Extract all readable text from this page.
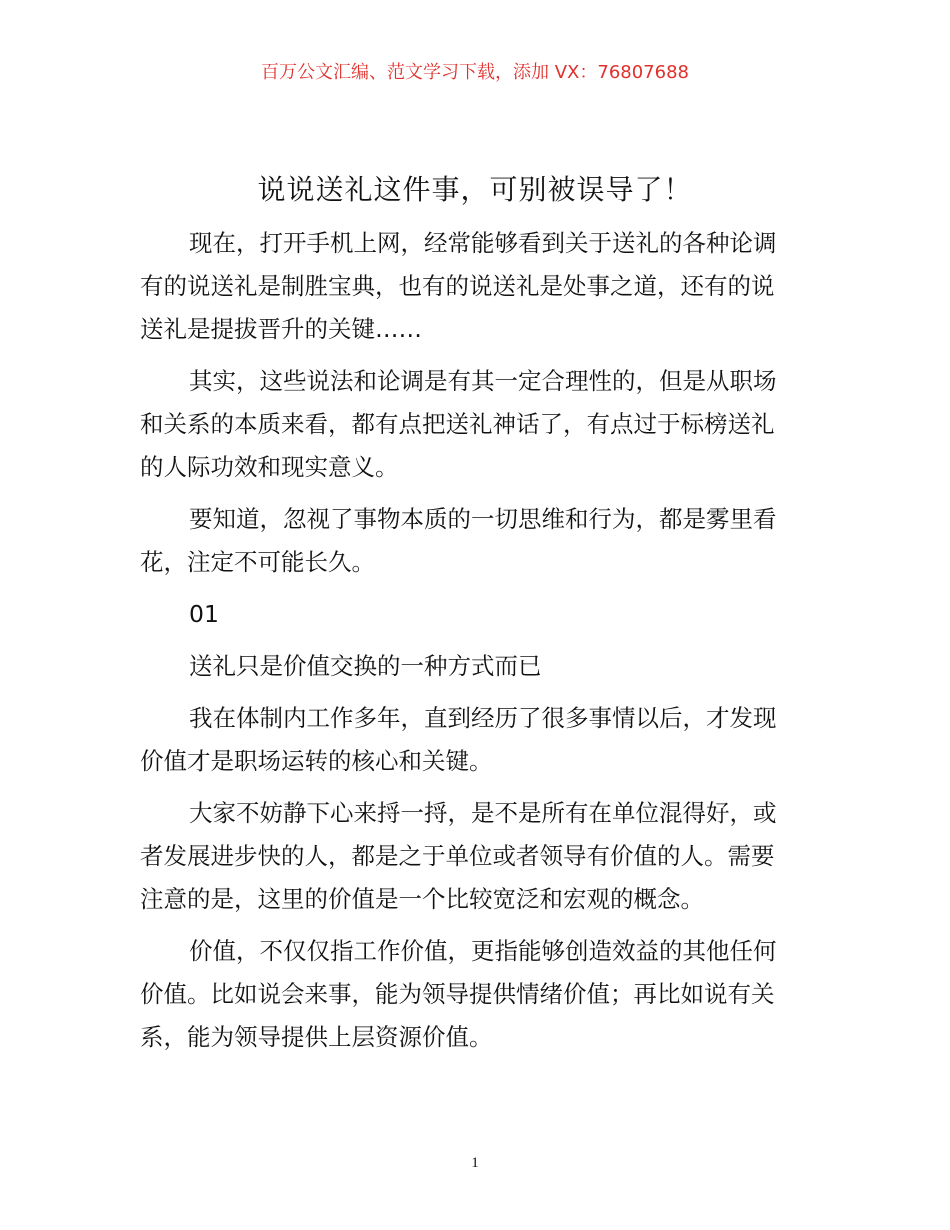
百万公文汇编、范文学习下载，添加 VX：76807688
说说送礼这件事，可别被误导了！
现在，打开手机上网，经常能够看到关于送礼的各种论调
有的说送礼是制胜宝典，也有的说送礼是处事之道，还有的说
送礼是提拔晋升的关键……
其实，这些说法和论调是有其一定合理性的，但是从职场
和关系的本质来看，都有点把送礼神话了，有点过于标榜送礼
的人际功效和现实意义。
要知道，忽视了事物本质的一切思维和行为，都是雾里看
花，注定不可能长久。
01
送礼只是价值交换的一种方式而已
我在体制内工作多年，直到经历了很多事情以后，才发现
价值才是职场运转的核心和关键。
大家不妨静下心来捋一捋，是不是所有在单位混得好，或
者发展进步快的人，都是之于单位或者领导有价值的人。需要
注意的是，这里的价值是一个比较宽泛和宏观的概念。
价值，不仅仅指工作价值，更指能够创造效益的其他任何
价值。比如说会来事，能为领导提供情绪价值；再比如说有关
系，能为领导提供上层资源价值。
1
